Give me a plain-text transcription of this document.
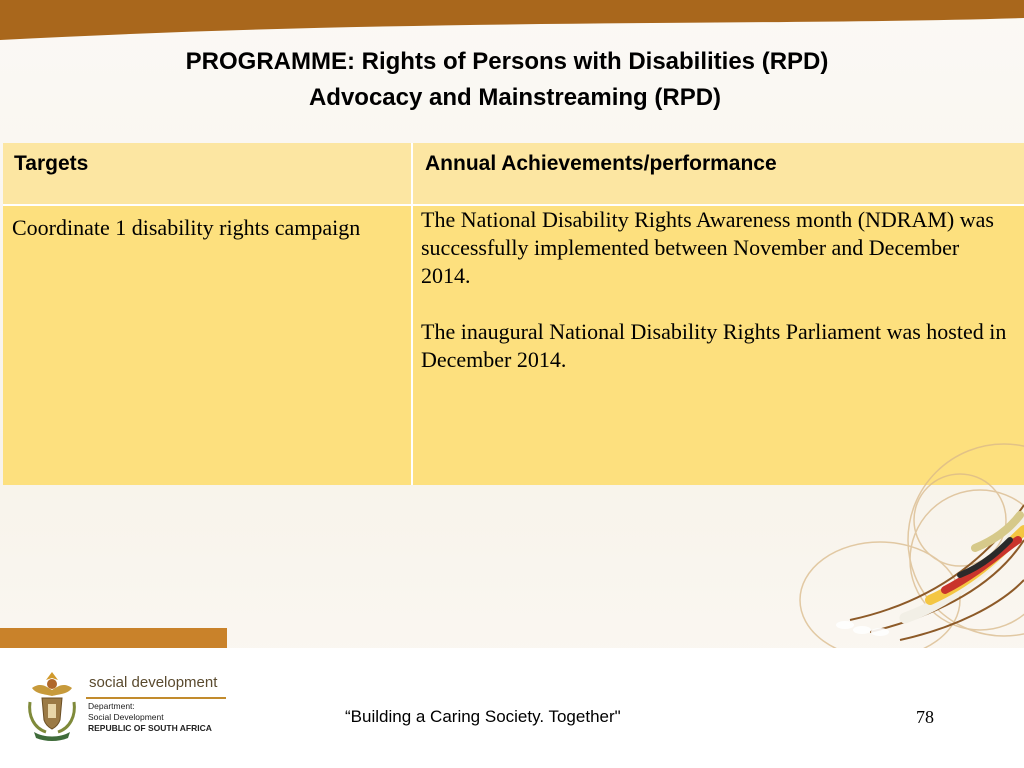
PROGRAMME: Rights of Persons with Disabilities (RPD)
Advocacy and Mainstreaming (RPD)
Targets	Annual Achievements/performance
Coordinate 1 disability rights campaign	The National Disability Rights Awareness month (NDRAM) was successfully implemented between November and December 2014.

The inaugural National Disability Rights Parliament was hosted in December 2014.

social development
Department:
Social Development
REPUBLIC OF SOUTH AFRICA
“Building a Caring Society. Together"	78
